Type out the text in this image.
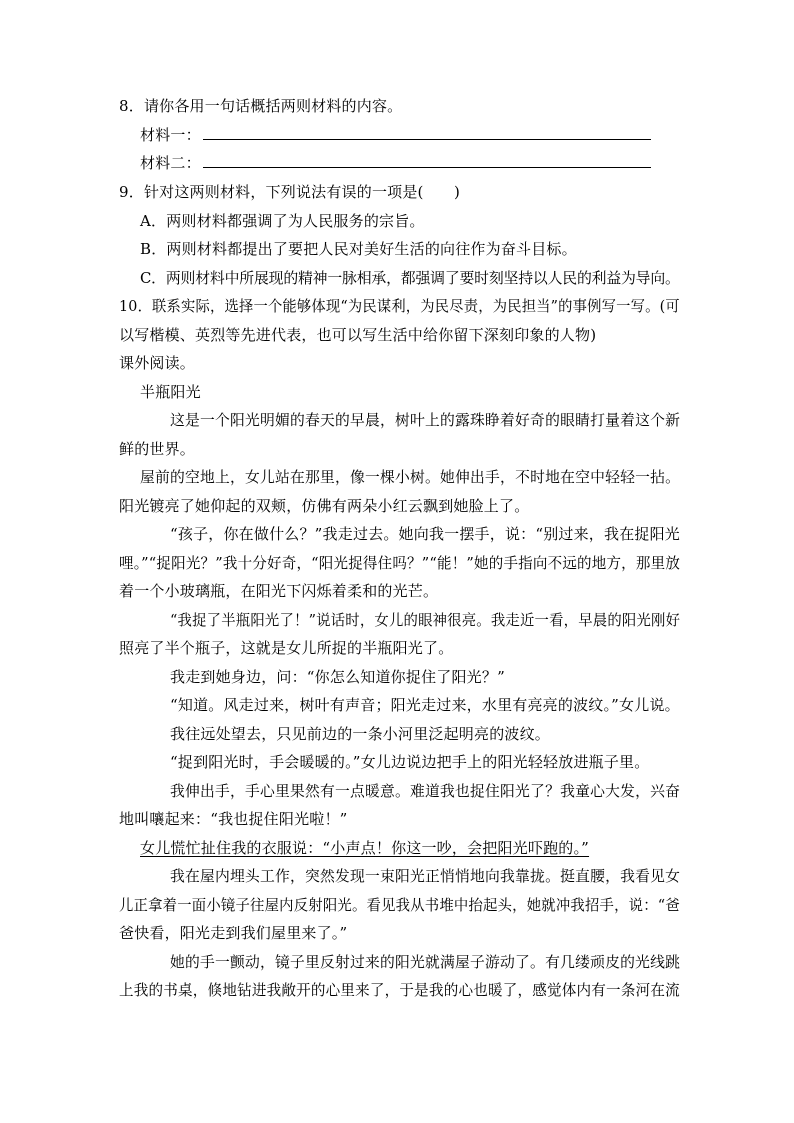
8．请你各用一句话概括两则材料的内容。
材料一：
材料二：
9．针对这两则材料，下列说法有误的一项是(　　)
A．两则材料都强调了为人民服务的宗旨。
B．两则材料都提出了要把人民对美好生活的向往作为奋斗目标。
C．两则材料中所展现的精神一脉相承，都强调了要时刻坚持以人民的利益为导向。
10．联系实际，选择一个能够体现“为民谋利，为民尽责，为民担当”的事例写一写。(可
以写楷模、英烈等先进代表，也可以写生活中给你留下深刻印象的人物)
课外阅读。
半瓶阳光
这是一个阳光明媚的春天的早晨，树叶上的露珠睁着好奇的眼睛打量着这个新
鲜的世界。
屋前的空地上，女儿站在那里，像一棵小树。她伸出手，不时地在空中轻轻一拈。
阳光镀亮了她仰起的双颊，仿佛有两朵小红云飘到她脸上了。
“孩子，你在做什么？”我走过去。她向我一摆手，说：“别过来，我在捉阳光
哩。”“捉阳光？”我十分好奇，“阳光捉得住吗？”“能！”她的手指向不远的地方，那里放
着一个小玻璃瓶，在阳光下闪烁着柔和的光芒。
“我捉了半瓶阳光了！”说话时，女儿的眼神很亮。我走近一看，早晨的阳光刚好
照亮了半个瓶子，这就是女儿所捉的半瓶阳光了。
我走到她身边，问：“你怎么知道你捉住了阳光？”
“知道。风走过来，树叶有声音；阳光走过来，水里有亮亮的波纹。”女儿说。
我往远处望去，只见前边的一条小河里泛起明亮的波纹。
“捉到阳光时，手会暖暖的。”女儿边说边把手上的阳光轻轻放进瓶子里。
我伸出手，手心里果然有一点暖意。难道我也捉住阳光了？我童心大发，兴奋
地叫嚷起来：“我也捉住阳光啦！”
女儿慌忙扯住我的衣服说：“小声点！你这一吵，会把阳光吓跑的。”
我在屋内埋头工作，突然发现一束阳光正悄悄地向我靠拢。挺直腰，我看见女
儿正拿着一面小镜子往屋内反射阳光。看见我从书堆中抬起头，她就冲我招手，说：“爸
爸快看，阳光走到我们屋里来了。”
她的手一颤动，镜子里反射过来的阳光就满屋子游动了。有几缕顽皮的光线跳
上我的书桌，倏地钻进我敞开的心里来了，于是我的心也暖了，感觉体内有一条河在流
